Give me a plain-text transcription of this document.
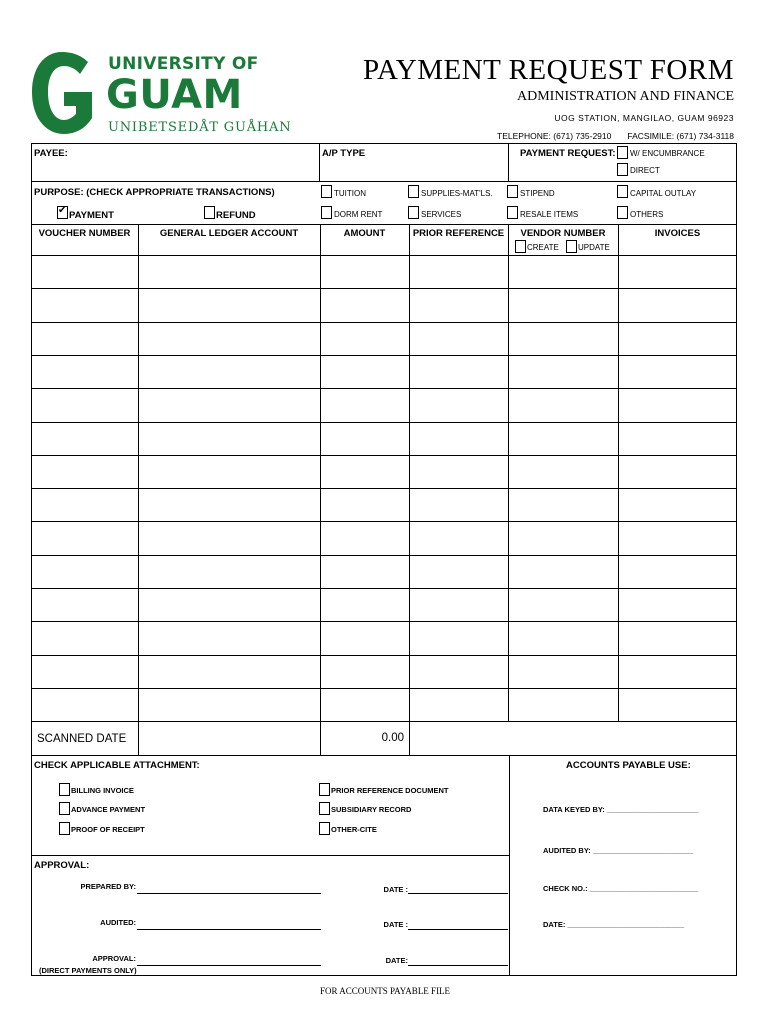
UNIVERSITY OF
GUAM
UNIBETSEDÅT GUÅHAN
PAYMENT REQUEST FORM
ADMINISTRATION AND FINANCE
UOG STATION, MANGILAO, GUAM 96923
TELEPHONE: (671) 735-2910 FACSIMILE: (671) 734-3118
PAYEE:	A/P TYPE	PAYMENT REQUEST: W/ ENCUMBRANCE
DIRECT
PURPOSE: (CHECK APPROPRIATE TRANSACTIONS)
✔
PAYMENT	REFUND
TUITION	SUPPLIES-MAT'LS.	STIPEND	CAPITAL OUTLAY
DORM RENT	SERVICES	RESALE ITEMS	OTHERS
VOUCHER NUMBER	GENERAL LEDGER ACCOUNT	AMOUNT	PRIOR REFERENCE	VENDOR NUMBER	INVOICES
CREATE UPDATE
SCANNED DATE	0.00
CHECK APPLICABLE ATTACHMENT:
BILLING INVOICE
ADVANCE PAYMENT
PROOF OF RECEIPT
PRIOR REFERENCE DOCUMENT
SUBSIDIARY RECORD
OTHER-CITE
ACCOUNTS PAYABLE USE:
DATA KEYED BY: ______________________
AUDITED BY: ________________________
CHECK NO.: __________________________
DATE: ____________________________
APPROVAL:
PREPARED BY:	DATE :
AUDITED:	DATE :
APPROVAL:
(DIRECT PAYMENTS ONLY)
DATE:
FOR ACCOUNTS PAYABLE FILE
